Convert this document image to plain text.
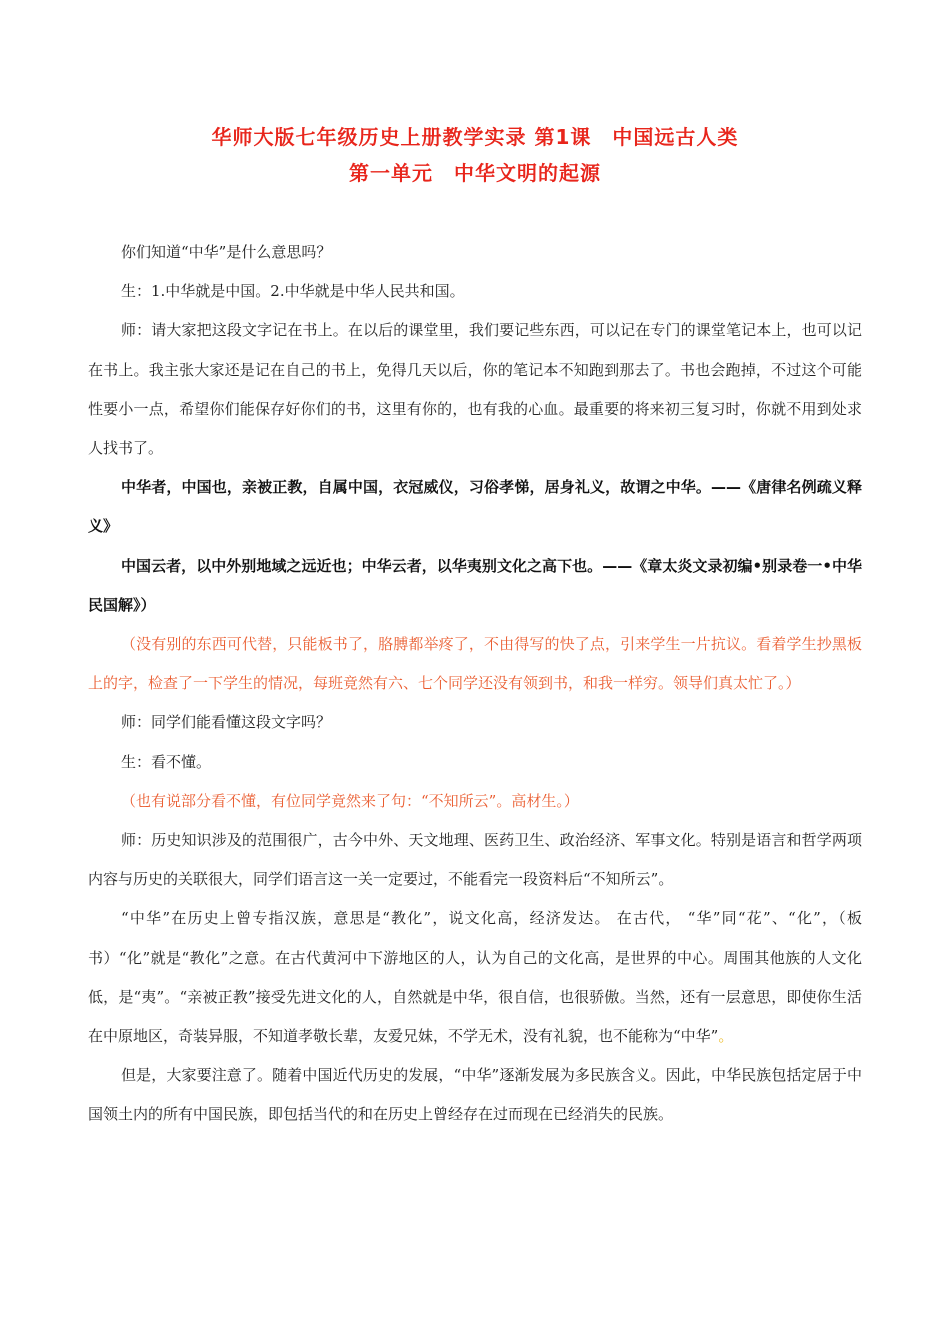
华师大版七年级历史上册教学实录 第1课　中国远古人类
第一单元　中华文明的起源

你们知道“中华”是什么意思吗？

生：1.中华就是中国。2.中华就是中华人民共和国。

师：请大家把这段文字记在书上。在以后的课堂里，我们要记些东西，可以记在专门的课堂笔记本上，也可以记在书上。我主张大家还是记在自己的书上，免得几天以后，你的笔记本不知跑到那去了。书也会跑掉，不过这个可能性要小一点，希望你们能保存好你们的书，这里有你的，也有我的心血。最重要的将来初三复习时，你就不用到处求人找书了。

中华者，中国也，亲被正教，自属中国，衣冠威仪，习俗孝悌，居身礼义，故谓之中华。——《唐律名例疏义释义》

中国云者，以中外别地域之远近也；中华云者，以华夷别文化之高下也。——《章太炎文录初编•别录卷一•中华民国解》）

（没有别的东西可代替，只能板书了，胳膊都举疼了，不由得写的快了点，引来学生一片抗议。看着学生抄黑板上的字，检查了一下学生的情况，每班竟然有六、七个同学还没有领到书，和我一样穷。领导们真太忙了。）

师：同学们能看懂这段文字吗？

生：看不懂。

（也有说部分看不懂，有位同学竟然来了句：“不知所云”。高材生。）

师：历史知识涉及的范围很广，古今中外、天文地理、医药卫生、政治经济、军事文化。特别是语言和哲学两项内容与历史的关联很大，同学们语言这一关一定要过，不能看完一段资料后“不知所云”。

“中华”在历史上曾专指汉族，意思是“教化”，说文化高，经济发达。 在古代， “华”同“花”、“化”，（板书）“化”就是“教化”之意。在古代黄河中下游地区的人，认为自己的文化高，是世界的中心。周围其他族的人文化低，是“夷”。“亲被正教”接受先进文化的人，自然就是中华，很自信，也很骄傲。当然，还有一层意思，即使你生活在中原地区，奇装异服，不知道孝敬长辈，友爱兄妹，不学无术，没有礼貌，也不能称为“中华”。

但是，大家要注意了。随着中国近代历史的发展，“中华”逐渐发展为多民族含义。因此，中华民族包括定居于中国领土内的所有中国民族，即包括当代的和在历史上曾经存在过而现在已经消失的民族。
